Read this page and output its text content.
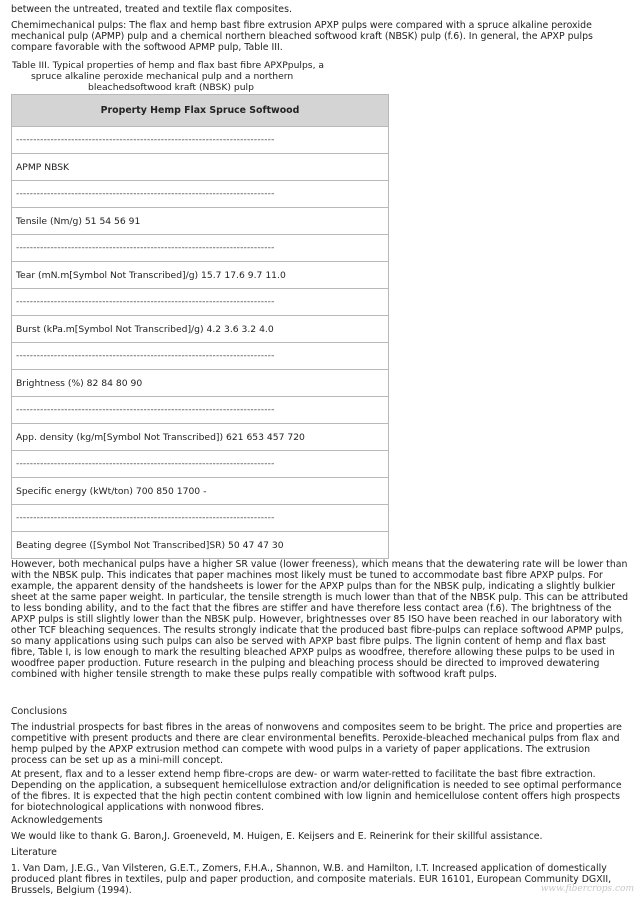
between the untreated, treated and textile flax composites.

Chemimechanical pulps: The flax and hemp bast fibre extrusion APXP pulps were compared with a spruce alkaline peroxide mechanical pulp (APMP) pulp and a chemical northern bleached softwood kraft (NBSK) pulp (f.6). In general, the APXP pulps compare favorable with the softwood APMP pulp, Table III.

Table III. Typical properties of hemp and flax bast fibre APXPpulps, a
spruce alkaline peroxide mechanical pulp and a northern
bleachedsoftwood kraft (NBSK) pulp

Property Hemp Flax Spruce Softwood
---------------------------------------------------------------------------
APMP NBSK
---------------------------------------------------------------------------
Tensile (Nm/g) 51 54 56 91
---------------------------------------------------------------------------
Tear (mN.m[Symbol Not Transcribed]/g) 15.7 17.6 9.7 11.0
---------------------------------------------------------------------------
Burst (kPa.m[Symbol Not Transcribed]/g) 4.2 3.6 3.2 4.0
---------------------------------------------------------------------------
Brightness (%) 82 84 80 90
---------------------------------------------------------------------------
App. density (kg/m[Symbol Not Transcribed]) 621 653 457 720
---------------------------------------------------------------------------
Specific energy (kWt/ton) 700 850 1700 -
---------------------------------------------------------------------------
Beating degree ([Symbol Not Transcribed]SR) 50 47 47 30

However, both mechanical pulps have a higher SR value (lower freeness), which means that the dewatering rate will be lower than with the NBSK pulp. This indicates that paper machines most likely must be tuned to accommodate bast fibre APXP pulps. For example, the apparent density of the handsheets is lower for the APXP pulps than for the NBSK pulp, indicating a slightly bulkier sheet at the same paper weight. In particular, the tensile strength is much lower than that of the NBSK pulp. This can be attributed to less bonding ability, and to the fact that the fibres are stiffer and have therefore less contact area (f.6). The brightness of the APXP pulps is still slightly lower than the NBSK pulp. However, brightnesses over 85 ISO have been reached in our laboratory with other TCF bleaching sequences. The results strongly indicate that the produced bast fibre-pulps can replace softwood APMP pulps, so many applications using such pulps can also be served with APXP bast fibre pulps. The lignin content of hemp and flax bast fibre, Table I, is low enough to mark the resulting bleached APXP pulps as woodfree, therefore allowing these pulps to be used in woodfree paper production. Future research in the pulping and bleaching process should be directed to improved dewatering combined with higher tensile strength to make these pulps really compatible with softwood kraft pulps.

Conclusions

The industrial prospects for bast fibres in the areas of nonwovens and composites seem to be bright. The price and properties are competitive with present products and there are clear environmental benefits. Peroxide-bleached mechanical pulps from flax and hemp pulped by the APXP extrusion method can compete with wood pulps in a variety of paper applications. The extrusion process can be set up as a mini-mill concept.

At present, flax and to a lesser extend hemp fibre-crops are dew- or warm water-retted to facilitate the bast fibre extraction. Depending on the application, a subsequent hemicellulose extraction and/or delignification is needed to see optimal performance of the fibres. It is expected that the high pectin content combined with low lignin and hemicellulose content offers high prospects for biotechnological applications with nonwood fibres.

Acknowledgements

We would like to thank G. Baron,J. Groeneveld, M. Huigen, E. Keijsers and E. Reinerink for their skillful assistance.

Literature

1. Van Dam, J.E.G., Van Vilsteren, G.E.T., Zomers, F.H.A., Shannon, W.B. and Hamilton, I.T. Increased application of domestically produced plant fibres in textiles, pulp and paper production, and composite materials. EUR 16101, European Community DGXII, Brussels, Belgium (1994).	www.fibercrops.com
